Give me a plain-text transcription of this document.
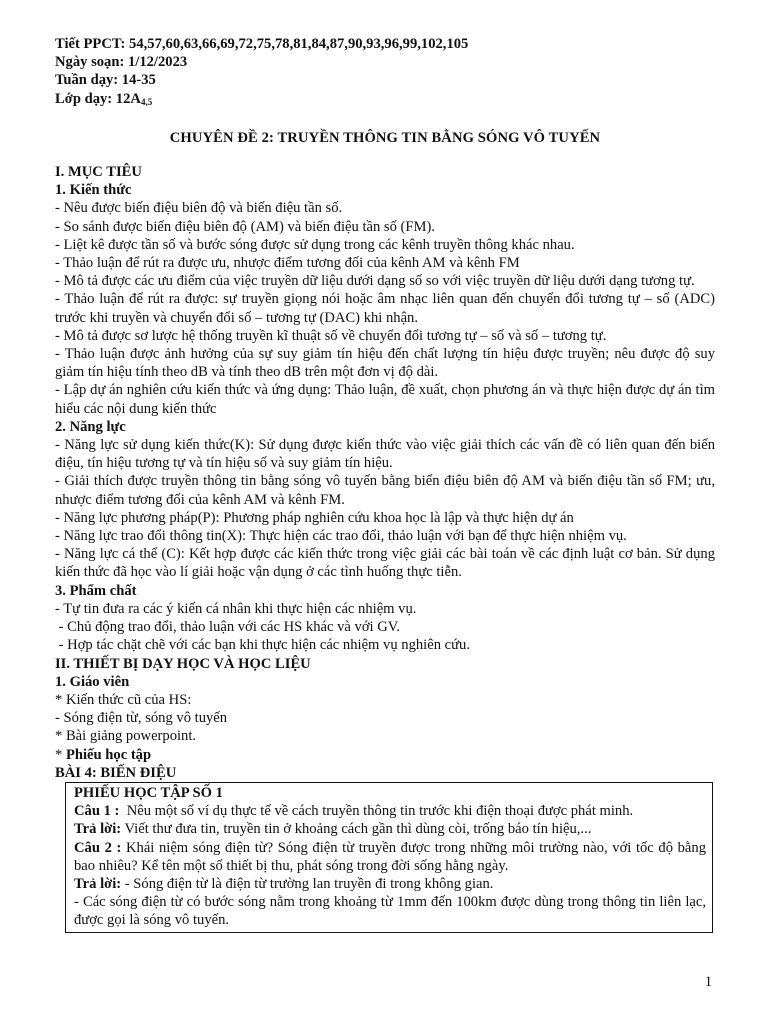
Tiết PPCT: 54,57,60,63,66,69,72,75,78,81,84,87,90,93,96,99,102,105
Ngày soạn: 1/12/2023
Tuần dạy: 14-35
Lớp dạy: $12A_{4,5}$
CHUYÊN ĐỀ 2: TRUYỀN THÔNG TIN BẰNG SÓNG VÔ TUYẾN
I. MỤC TIÊU
1. Kiến thức
- Nêu được biến điệu biên độ và biến điệu tần số.
- So sánh được biến điệu biên độ (AM) và biến điệu tần số (FM).
- Liệt kê được tần số và bước sóng được sử dụng trong các kênh truyền thông khác nhau.
- Thảo luận để rút ra được ưu, nhược điểm tương đối của kênh AM và kênh FM
- Mô tả được các ưu điểm của việc truyền dữ liệu dưới dạng số so với việc truyền dữ liệu dưới dạng tương tự.
- Thảo luận để rút ra được: sự truyền giọng nói hoặc âm nhạc liên quan đến chuyển đổi tương tự – số (ADC) trước khi truyền và chuyển đổi số – tương tự (DAC) khi nhận.
- Mô tả được sơ lược hệ thống truyền kĩ thuật số về chuyển đổi tương tự – số và số – tương tự.
- Thảo luận được ảnh hưởng của sự suy giảm tín hiệu đến chất lượng tín hiệu được truyền; nêu được độ suy giảm tín hiệu tính theo dB và tính theo dB trên một đơn vị độ dài.
- Lập dự án nghiên cứu kiến thức và ứng dụng: Thảo luận, đề xuất, chọn phương án và thực hiện được dự án tìm hiểu các nội dung kiến thức
2. Năng lực
- Năng lực sử dụng kiến thức(K): Sử dụng được kiến thức vào việc giải thích các vấn đề có liên quan đến biến điệu, tín hiệu tương tự và tín hiệu số và suy giảm tín hiệu.
- Giải thích được truyền thông tin bằng sóng vô tuyến bằng biến điệu biên độ AM và biến điệu tần số FM; ưu, nhược điểm tương đối của kênh AM và kênh FM.
- Năng lực phương pháp(P): Phương pháp nghiên cứu khoa học là lập và thực hiện dự án
- Năng lực trao đổi thông tin(X): Thực hiện các trao đổi, thảo luận với bạn để thực hiện nhiệm vụ.
- Năng lực cá thể (C): Kết hợp được các kiến thức trong việc giải các bài toán về các định luật cơ bản. Sử dụng kiến thức đã học vào lí giải hoặc vận dụng ở các tình huống thực tiễn.
3. Phẩm chất
- Tự tin đưa ra các ý kiến cá nhân khi thực hiện các nhiệm vụ.
- Chủ động trao đổi, thảo luận với các HS khác và với GV.
- Hợp tác chặt chẽ với các bạn khi thực hiện các nhiệm vụ nghiên cứu.
II. THIẾT BỊ DẠY HỌC VÀ HỌC LIỆU
1. Giáo viên
* Kiến thức cũ của HS:
- Sóng điện từ, sóng vô tuyến
* Bài giảng powerpoint.
* Phiếu học tập
BÀI 4: BIẾN ĐIỆU
PHIẾU HỌC TẬP SỐ 1
Câu 1 :  Nêu một số ví dụ thực tế về cách truyền thông tin trước khi điện thoại được phát minh.
Trả lời: Viết thư đưa tin, truyền tin ở khoảng cách gần thì dùng còi, trống báo tín hiệu,...
Câu 2 : Khái niệm sóng điện từ? Sóng điện từ truyền được trong những môi trường nào, với tốc độ bằng bao nhiêu? Kể tên một số thiết bị thu, phát sóng trong đời sống hằng ngày.
Trả lời: - Sóng điện từ là điện từ trường lan truyền đi trong không gian.
- Các sóng điện từ có bước sóng nằm trong khoảng từ 1mm đến 100km được dùng trong thông tin liên lạc, được gọi là sóng vô tuyến.
1
